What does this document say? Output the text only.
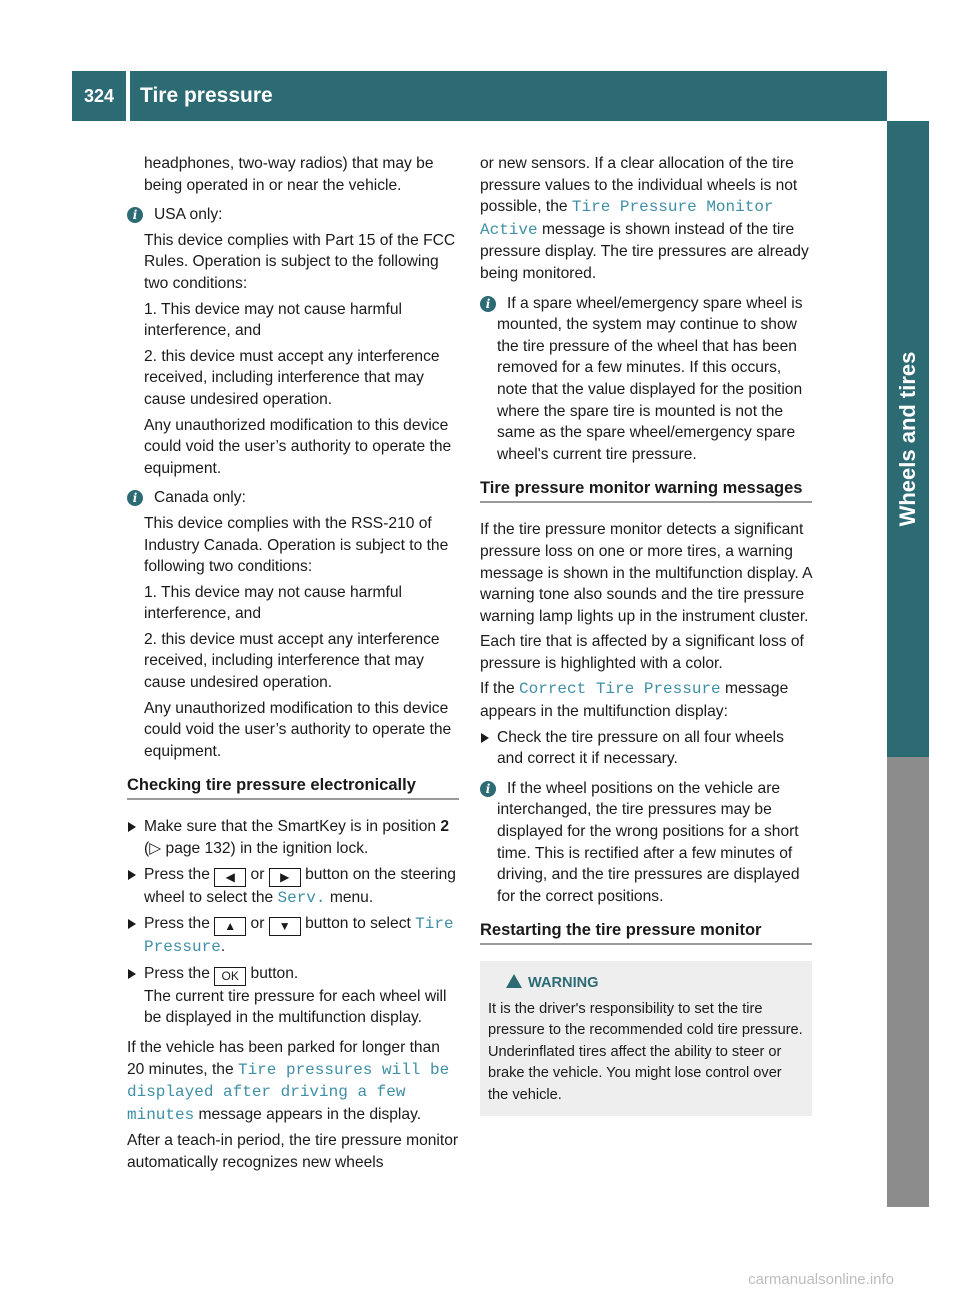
324	Tire pressure
Wheels and tires

headphones, two-way radios) that may be being operated in or near the vehicle.

i	USA only:

This device complies with Part 15 of the FCC Rules. Operation is subject to the following two conditions:

1. This device may not cause harmful interference, and

2. this device must accept any interference received, including interference that may cause undesired operation.

Any unauthorized modification to this device could void the user’s authority to operate the equipment.

i	Canada only:

This device complies with the RSS-210 of Industry Canada. Operation is subject to the following two conditions:

1. This device may not cause harmful interference, and

2. this device must accept any interference received, including interference that may cause undesired operation.

Any unauthorized modification to this device could void the user’s authority to operate the equipment.

Checking tire pressure electronically
Make sure that the SmartKey is in position 2 (▷ page 132) in the ignition lock.
Press the ◀ or ▶ button on the steering wheel to select the Serv. menu.
Press the ▲ or ▼ button to select Tire Pressure.
Press the OK button.
The current tire pressure for each wheel will be displayed in the multifunction display.

If the vehicle has been parked for longer than 20 minutes, the Tire pressures will be displayed after driving a few minutes message appears in the display.

After a teach-in period, the tire pressure monitor automatically recognizes new wheels

or new sensors. If a clear allocation of the tire pressure values to the individual wheels is not possible, the Tire Pressure Monitor Active message is shown instead of the tire pressure display. The tire pressures are already being monitored.

i	If a spare wheel/emergency spare wheel is mounted, the system may continue to show the tire pressure of the wheel that has been removed for a few minutes. If this occurs, note that the value displayed for the position where the spare tire is mounted is not the same as the spare wheel/emergency spare wheel's current tire pressure.

Tire pressure monitor warning messages

If the tire pressure monitor detects a significant pressure loss on one or more tires, a warning message is shown in the multifunction display. A warning tone also sounds and the tire pressure warning lamp lights up in the instrument cluster.

Each tire that is affected by a significant loss of pressure is highlighted with a color.

If the Correct Tire Pressure message appears in the multifunction display:

Check the tire pressure on all four wheels and correct it if necessary.
i	If the wheel positions on the vehicle are interchanged, the tire pressures may be displayed for the wrong positions for a short time. This is rectified after a few minutes of driving, and the tire pressures are displayed for the correct positions.

Restarting the tire pressure monitor
WARNING
It is the driver's responsibility to set the tire pressure to the recommended cold tire pressure. Underinflated tires affect the ability to steer or brake the vehicle. You might lose control over the vehicle.
carmanualsonline.info
